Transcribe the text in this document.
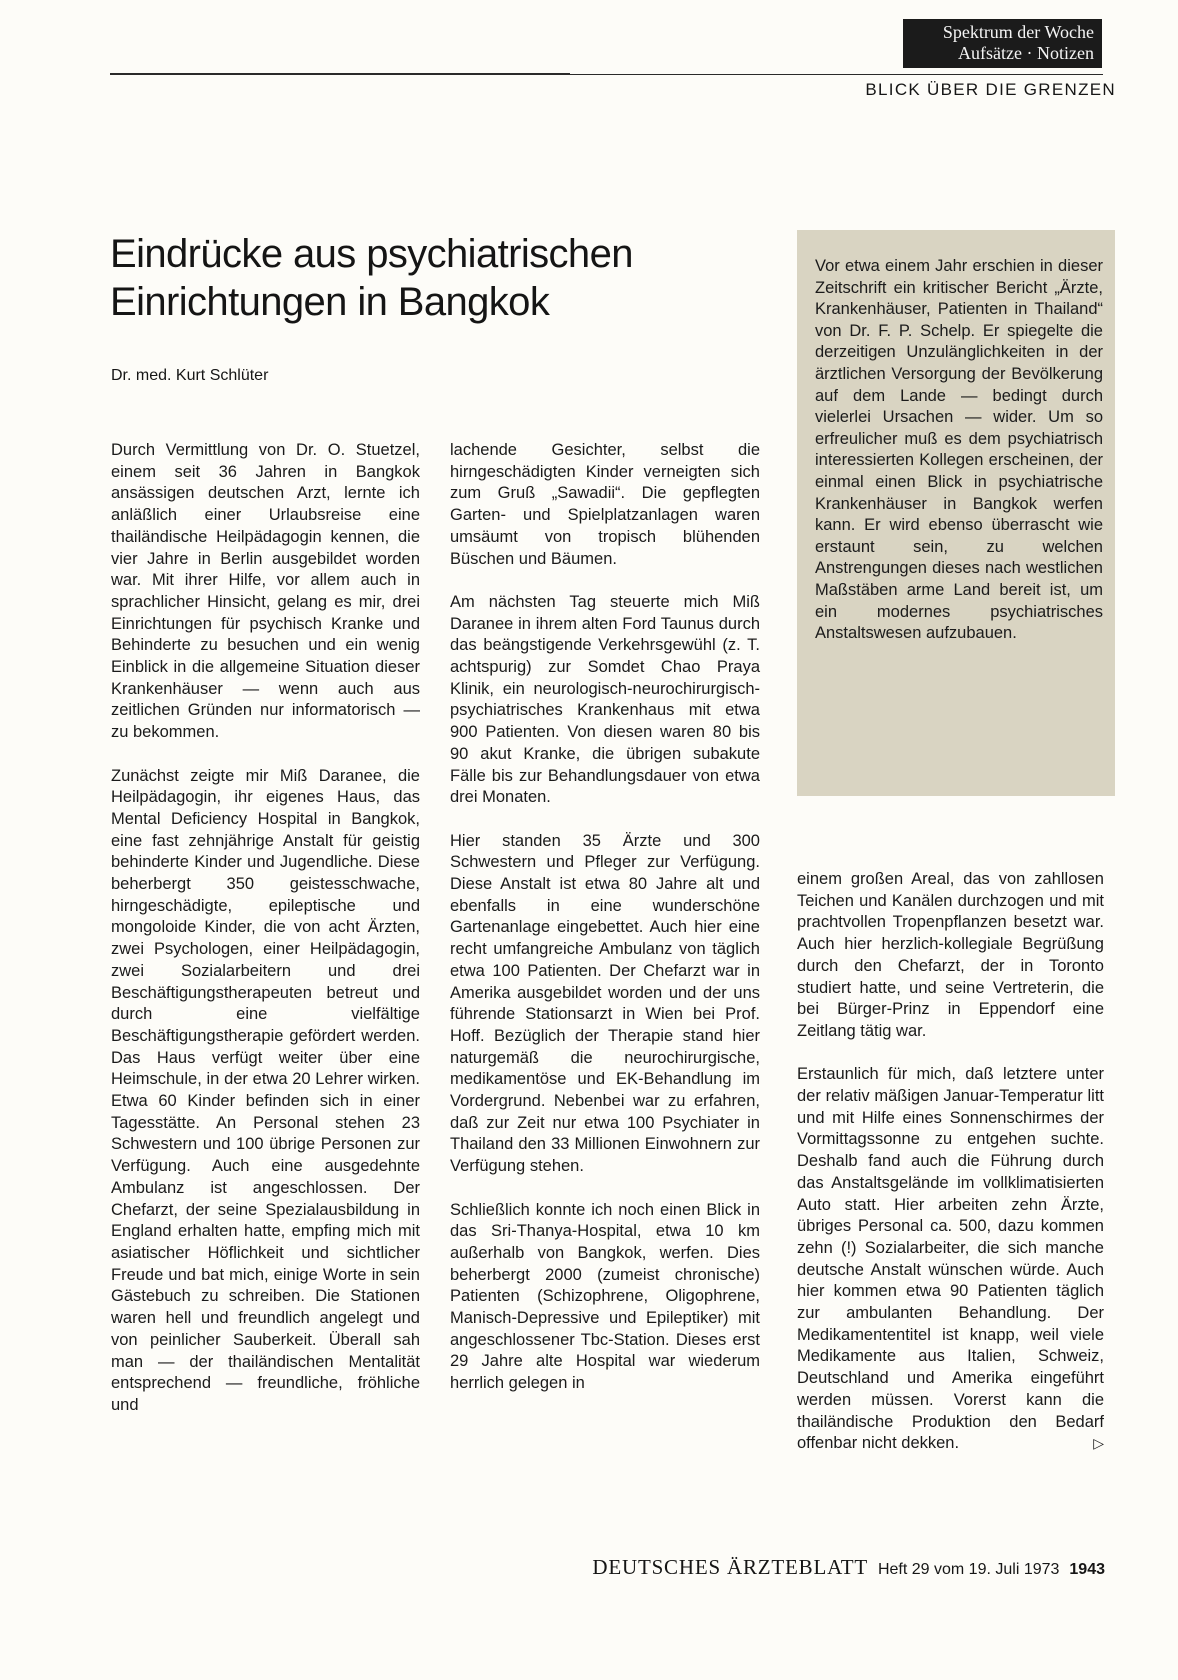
Spektrum der Woche
Aufsätze · Notizen
BLICK ÜBER DIE GRENZEN
Eindrücke aus psychiatrischen
Einrichtungen in Bangkok
Dr. med. Kurt Schlüter

Vor etwa einem Jahr erschien in dieser Zeitschrift ein kritischer Bericht „Ärzte, Krankenhäuser, Patienten in Thailand“ von Dr. F. P. Schelp. Er spiegelte die derzeitigen Unzulänglichkeiten in der ärztlichen Versorgung der Bevölkerung auf dem Lande — bedingt durch vielerlei Ursachen — wider. Um so erfreulicher muß es dem psychiatrisch interessierten Kollegen erscheinen, der einmal einen Blick in psychiatrische Krankenhäuser in Bangkok werfen kann. Er wird ebenso überrascht wie erstaunt sein, zu welchen Anstrengungen dieses nach westlichen Maßstäben arme Land bereit ist, um ein modernes psychiatrisches Anstaltswesen aufzubauen.

Durch Vermittlung von Dr. O. Stuetzel, einem seit 36 Jahren in Bangkok ansässigen deutschen Arzt, lernte ich anläßlich einer Urlaubsreise eine thailändische Heilpädagogin kennen, die vier Jahre in Berlin ausgebildet worden war. Mit ihrer Hilfe, vor allem auch in sprachlicher Hinsicht, gelang es mir, drei Einrichtungen für psychisch Kranke und Behinderte zu besuchen und ein wenig Einblick in die allgemeine Situation dieser Krankenhäuser — wenn auch aus zeitlichen Gründen nur informatorisch — zu bekommen.

Zunächst zeigte mir Miß Daranee, die Heilpädagogin, ihr eigenes Haus, das Mental Deficiency Hospital in Bangkok, eine fast zehnjährige Anstalt für geistig behinderte Kinder und Jugendliche. Diese beherbergt 350 geistesschwache, hirngeschädigte, epileptische und mongoloide Kinder, die von acht Ärzten, zwei Psychologen, einer Heilpädagogin, zwei Sozialarbeitern und drei Beschäftigungstherapeuten betreut und durch eine vielfältige Beschäftigungstherapie gefördert werden. Das Haus verfügt weiter über eine Heimschule, in der etwa 20 Lehrer wirken. Etwa 60 Kinder befinden sich in einer Tagesstätte. An Personal stehen 23 Schwestern und 100 übrige Personen zur Verfügung. Auch eine ausgedehnte Ambulanz ist angeschlossen. Der Chefarzt, der seine Spezialausbildung in England erhalten hatte, empfing mich mit asiatischer Höflichkeit und sichtlicher Freude und bat mich, einige Worte in sein Gästebuch zu schreiben. Die Stationen waren hell und freundlich angelegt und von peinlicher Sauberkeit. Überall sah man — der thailändischen Mentalität entsprechend — freundliche, fröhliche und

lachende Gesichter, selbst die hirngeschädigten Kinder verneigten sich zum Gruß „Sawadii“. Die gepflegten Garten- und Spielplatzanlagen waren umsäumt von tropisch blühenden Büschen und Bäumen.

Am nächsten Tag steuerte mich Miß Daranee in ihrem alten Ford Taunus durch das beängstigende Verkehrsgewühl (z. T. achtspurig) zur Somdet Chao Praya Klinik, ein neurologisch-neurochirurgisch-psychiatrisches Krankenhaus mit etwa 900 Patienten. Von diesen waren 80 bis 90 akut Kranke, die übrigen subakute Fälle bis zur Behandlungsdauer von etwa drei Monaten.

Hier standen 35 Ärzte und 300 Schwestern und Pfleger zur Verfügung. Diese Anstalt ist etwa 80 Jahre alt und ebenfalls in eine wunderschöne Gartenanlage eingebettet. Auch hier eine recht umfangreiche Ambulanz von täglich etwa 100 Patienten. Der Chefarzt war in Amerika ausgebildet worden und der uns führende Stationsarzt in Wien bei Prof. Hoff. Bezüglich der Therapie stand hier naturgemäß die neurochirurgische, medikamentöse und EK-Behandlung im Vordergrund. Nebenbei war zu erfahren, daß zur Zeit nur etwa 100 Psychiater in Thailand den 33 Millionen Einwohnern zur Verfügung stehen.

Schließlich konnte ich noch einen Blick in das Sri-Thanya-Hospital, etwa 10 km außerhalb von Bangkok, werfen. Dies beherbergt 2000 (zumeist chronische) Patienten (Schizophrene, Oligophrene, Manisch-Depressive und Epileptiker) mit angeschlossener Tbc-Station. Dieses erst 29 Jahre alte Hospital war wiederum herrlich gelegen in

einem großen Areal, das von zahllosen Teichen und Kanälen durchzogen und mit prachtvollen Tropenpflanzen besetzt war. Auch hier herzlich-kollegiale Begrüßung durch den Chefarzt, der in Toronto studiert hatte, und seine Vertreterin, die bei Bürger-Prinz in Eppendorf eine Zeitlang tätig war.

Erstaunlich für mich, daß letztere unter der relativ mäßigen Januar-Temperatur litt und mit Hilfe eines Sonnenschirmes der Vormittagssonne zu entgehen suchte. Deshalb fand auch die Führung durch das Anstaltsgelände im vollklimatisierten Auto statt. Hier arbeiten zehn Ärzte, übriges Personal ca. 500, dazu kommen zehn (!) Sozialarbeiter, die sich manche deutsche Anstalt wünschen würde. Auch hier kommen etwa 90 Patienten täglich zur ambulanten Behandlung. Der Medikamententitel ist knapp, weil viele Medikamente aus Italien, Schweiz, Deutschland und Amerika eingeführt werden müssen. Vorerst kann die thailändische Produktion den Bedarf offenbar nicht dekken.	▷

DEUTSCHES ÄRZTEBLATT Heft 29 vom 19. Juli 1973 1943
